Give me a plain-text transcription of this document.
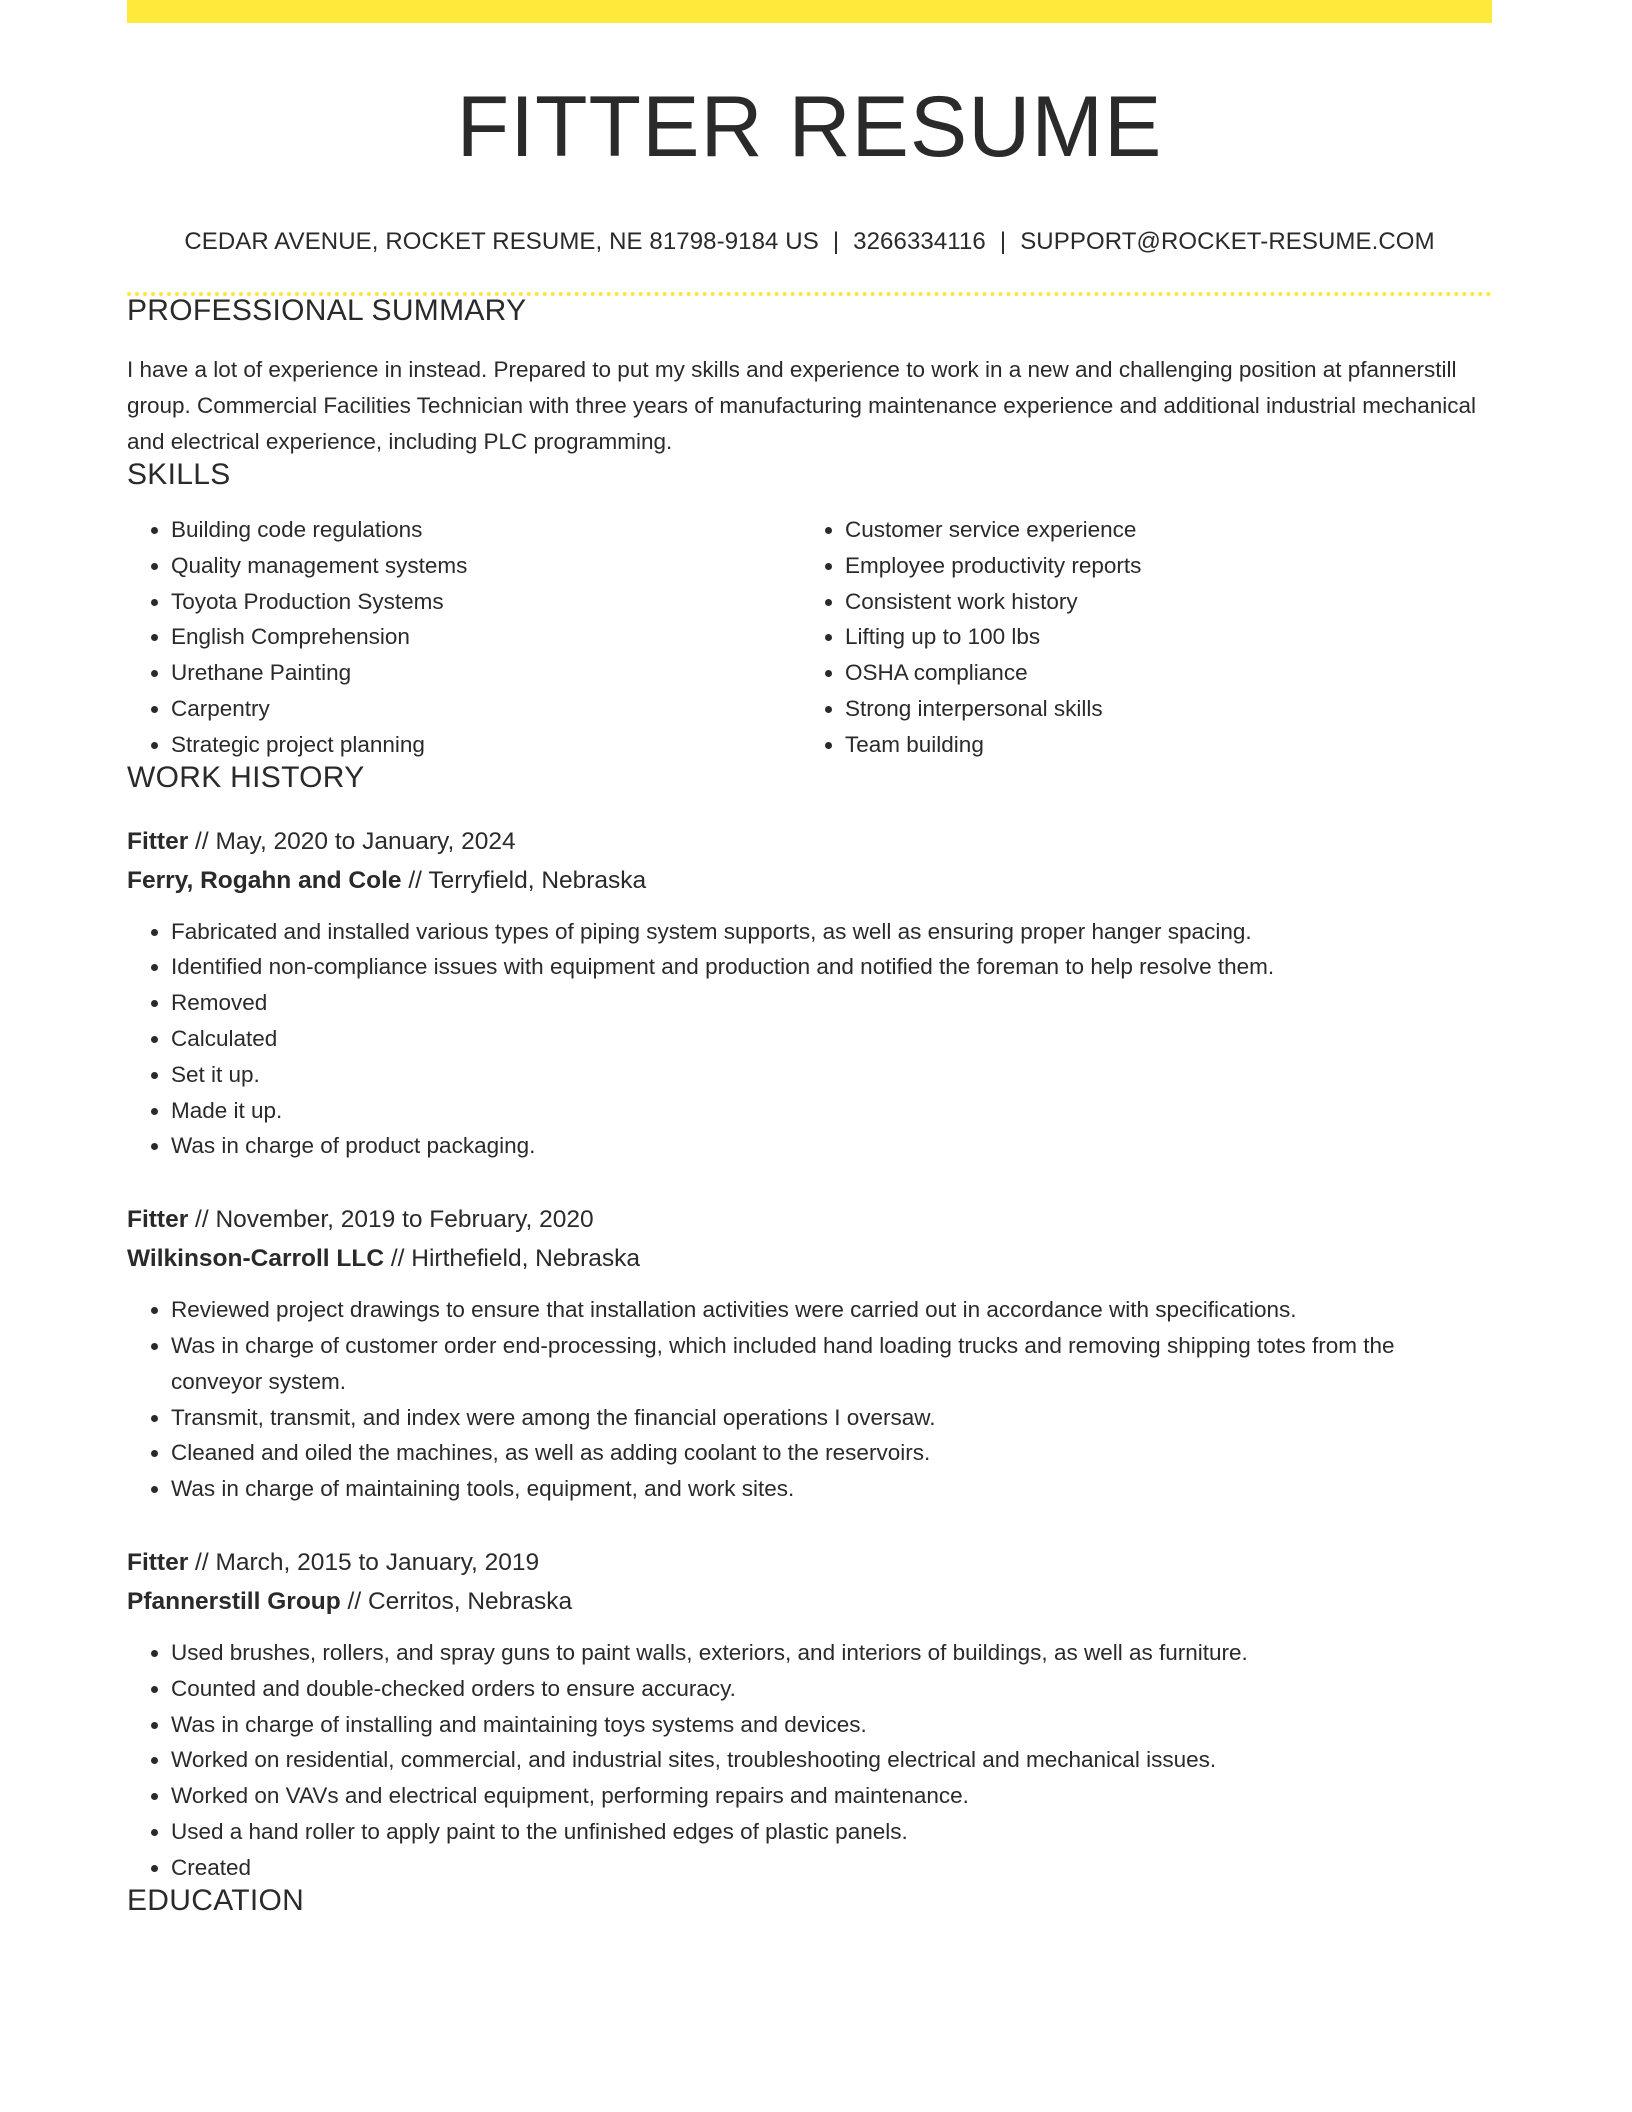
FITTER RESUME
CEDAR AVENUE, ROCKET RESUME, NE 81798-9184 US | 3266334116 | SUPPORT@ROCKET-RESUME.COM
PROFESSIONAL SUMMARY
I have a lot of experience in instead. Prepared to put my skills and experience to work in a new and challenging position at pfannerstill group. Commercial Facilities Technician with three years of manufacturing maintenance experience and additional industrial mechanical and electrical experience, including PLC programming.
SKILLS
• Building code regulations
• Quality management systems
• Toyota Production Systems
• English Comprehension
• Urethane Painting
• Carpentry
• Strategic project planning
• Customer service experience
• Employee productivity reports
• Consistent work history
• Lifting up to 100 lbs
• OSHA compliance
• Strong interpersonal skills
• Team building
WORK HISTORY
Fitter // May, 2020 to January, 2024
Ferry, Rogahn and Cole // Terryfield, Nebraska
• Fabricated and installed various types of piping system supports, as well as ensuring proper hanger spacing.
• Identified non-compliance issues with equipment and production and notified the foreman to help resolve them.
• Removed
• Calculated
• Set it up.
• Made it up.
• Was in charge of product packaging.
Fitter // November, 2019 to February, 2020
Wilkinson-Carroll LLC // Hirthefield, Nebraska
• Reviewed project drawings to ensure that installation activities were carried out in accordance with specifications.
• Was in charge of customer order end-processing, which included hand loading trucks and removing shipping totes from the conveyor system.
• Transmit, transmit, and index were among the financial operations I oversaw.
• Cleaned and oiled the machines, as well as adding coolant to the reservoirs.
• Was in charge of maintaining tools, equipment, and work sites.
Fitter // March, 2015 to January, 2019
Pfannerstill Group // Cerritos, Nebraska
• Used brushes, rollers, and spray guns to paint walls, exteriors, and interiors of buildings, as well as furniture.
• Counted and double-checked orders to ensure accuracy.
• Was in charge of installing and maintaining toys systems and devices.
• Worked on residential, commercial, and industrial sites, troubleshooting electrical and mechanical issues.
• Worked on VAVs and electrical equipment, performing repairs and maintenance.
• Used a hand roller to apply paint to the unfinished edges of plastic panels.
• Created
EDUCATION
